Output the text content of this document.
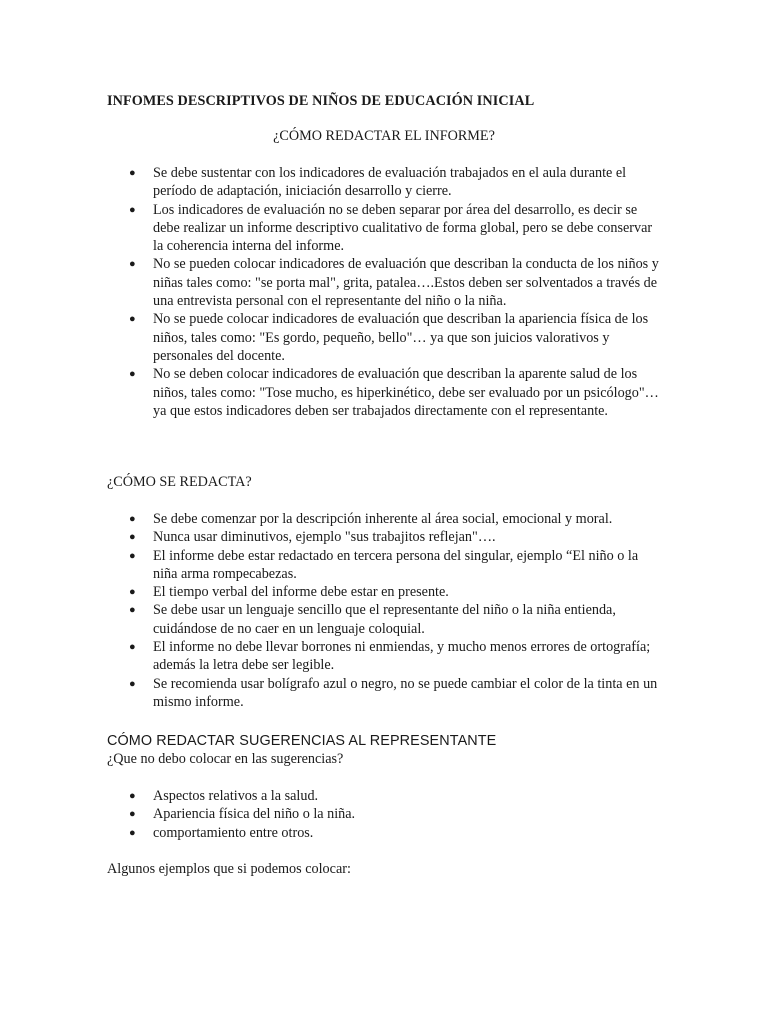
INFOMES DESCRIPTIVOS DE NIÑOS DE EDUCACIÓN INICIAL
¿CÓMO REDACTAR EL INFORME?
● Se debe sustentar con los indicadores de evaluación trabajados en el aula durante el período de adaptación, iniciación desarrollo y cierre.
● Los indicadores de evaluación no se deben separar por área del desarrollo, es decir se debe realizar un informe descriptivo cualitativo de forma global, pero se debe conservar la coherencia interna del informe.
● No se pueden colocar indicadores de evaluación que describan la conducta de los niños y niñas tales como: "se porta mal", grita, patalea….Estos deben ser solventados a través de una entrevista personal con el representante del niño o la niña.
● No se puede colocar indicadores de evaluación que describan la apariencia física de los niños, tales como: "Es gordo, pequeño, bello"… ya que son juicios valorativos y personales del docente.
● No se deben colocar indicadores de evaluación que describan la aparente salud de los niños, tales como: "Tose mucho, es hiperkinético, debe ser evaluado por un psicólogo"… ya que estos indicadores deben ser trabajados directamente con el representante.
¿CÓMO SE REDACTA?
● Se debe comenzar por la descripción inherente al área social, emocional y moral.
● Nunca usar diminutivos, ejemplo "sus trabajitos reflejan"….
● El informe debe estar redactado en tercera persona del singular, ejemplo “El niño o la niña arma rompecabezas.
● El tiempo verbal del informe debe estar en presente.
● Se debe usar un lenguaje sencillo que el representante del niño o la niña entienda, cuidándose de no caer en un lenguaje coloquial.
● El informe no debe llevar borrones ni enmiendas, y mucho menos errores de ortografía; además la letra debe ser legible.
● Se recomienda usar bolígrafo azul o negro, no se puede cambiar el color de la tinta en un mismo informe.
CÓMO REDACTAR SUGERENCIAS AL REPRESENTANTE
¿Que no debo colocar en las sugerencias?
● Aspectos relativos a la salud.
● Apariencia física del niño o la niña.
● comportamiento entre otros.
Algunos ejemplos que si podemos colocar:
